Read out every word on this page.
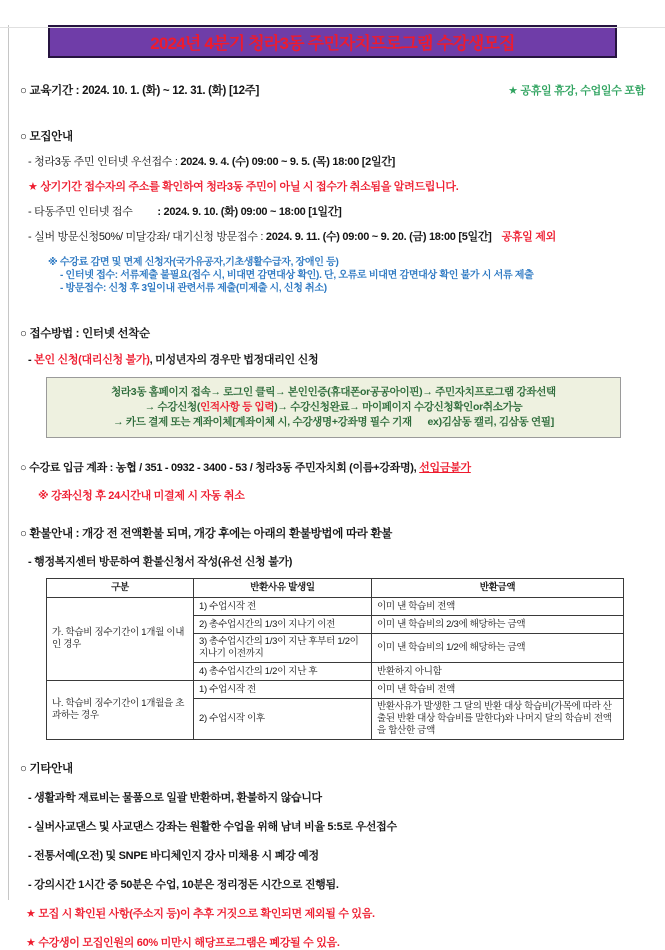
2024년 4분기 청라3동 주민자치프로그램 수강생모집
○ 교육기간 : 2024. 10. 1. (화) ~ 12. 31. (화) [12주]	★ 공휴일 휴강, 수업일수 포함
○ 모집안내
- 청라3동 주민 인터넷 우선접수 : 2024. 9. 4. (수) 09:00 ~ 9. 5. (목) 18:00 [2일간]
★ 상기기간 접수자의 주소를 확인하여 청라3동 주민이 아닐 시 접수가 취소됨을 알려드립니다.
- 타동주민 인터넷 접수         : 2024. 9. 10. (화) 09:00 ~ 18:00 [1일간]
- 실버 방문신청50%/ 미달강좌/ 대기신청 방문접수 : 2024. 9. 11. (수) 09:00 ~ 9. 20. (금) 18:00 [5일간] 공휴일 제외
※ 수강료 감면 및 면제 신청자(국가유공자,기초생활수급자, 장애인 등)
- 인터넷 접수: 서류제출 불필요(접수 시, 비대면 감면대상 확인). 단, 오류로 비대면 감면대상 확인 불가 시 서류 제출
- 방문접수: 신청 후 3일이내 관련서류 제출(미제출 시, 신청 취소)
○ 접수방법 : 인터넷 선착순
- 본인 신청(대리신청 불가), 미성년자의 경우만 법정대리인 신청
청라3동 홈페이지 접속→ 로그인 클릭→ 본인인증(휴대폰or공공아이핀)→ 주민자치프로그램 강좌선택
→ 수강신청(인적사항 등 입력)→ 수강신청완료→ 마이페이지 수강신청확인or취소가능
→ 카드 결제 또는 계좌이체[계좌이체 시, 수강생명+강좌명 필수 기재      ex)김삼동 캘리, 김삼동 연필]
○ 수강료 입금 계좌 : 농협 / 351 - 0932 - 3400 - 53 / 청라3동 주민자치회 (이름+강좌명), 선입금불가
※ 강좌신청 후 24시간내 미결제 시 자동 취소
○ 환불안내 : 개강 전 전액환불 되며, 개강 후에는 아래의 환불방법에 따라 환불
- 행정복지센터 방문하여 환불신청서 작성(유선 신청 불가)
구분	반환사유 발생일	반환금액
가. 학습비 징수기간이 1개월 이내인 경우	1) 수업시작 전	이미 낸 학습비 전액
	2) 총수업시간의 1/3이 지나기 이전	이미 낸 학습비의 2/3에 해당하는 금액
	3) 총수업시간의 1/3이 지난 후부터 1/2이 지나기 이전까지	이미 낸 학습비의 1/2에 해당하는 금액
	4) 총수업시간의 1/2이 지난 후	반환하지 아니함
나. 학습비 징수기간이 1개월을 초과하는 경우	1) 수업시작 전	이미 낸 학습비 전액
	2) 수업시작 이후	반환사유가 발생한 그 달의 반환 대상 학습비(가목에 따라 산출된 반환 대상 학습비를 말한다)와 나머지 달의 학습비 전액을 합산한 금액
○ 기타안내
- 생활과학 재료비는 물품으로 일괄 반환하며, 환불하지 않습니다
- 실버사교댄스 및 사교댄스 강좌는 원활한 수업을 위해 남녀 비율 5:5로 우선접수
- 전통서예(오전) 및 SNPE 바디체인지 강사 미채용 시 폐강 예정
- 강의시간 1시간 중 50분은 수업, 10분은 정리정돈 시간으로 진행됨.
★ 모집 시 확인된 사항(주소지 등)이 추후 거짓으로 확인되면 제외될 수 있음.
★ 수강생이 모집인원의 60% 미만시 해당프로그램은 폐강될 수 있음.
